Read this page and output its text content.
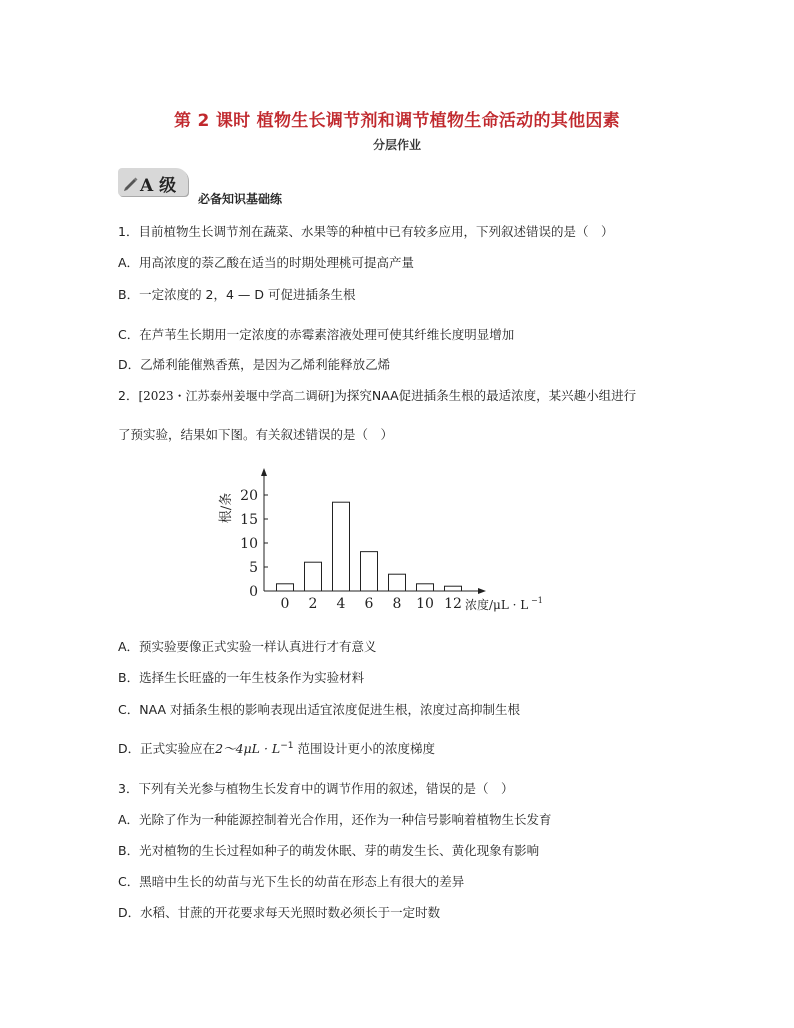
第 2 课时 植物生长调节剂和调节植物生命活动的其他因素
分层作业
A 级
必备知识基础练
1．目前植物生长调节剂在蔬菜、水果等的种植中已有较多应用，下列叙述错误的是（　）
A．用高浓度的萘乙酸在适当的时期处理桃可提高产量
B．一定浓度的 2，4 — D 可促进插条生根
C．在芦苇生长期用一定浓度的赤霉素溶液处理可使其纤维长度明显增加
D．乙烯利能催熟香蕉，是因为乙烯利能释放乙烯
2．[2023・江苏泰州姜堰中学高二调研]为探究NAA促进插条生根的最适浓度，某兴趣小组进行
了预实验，结果如下图。有关叙述错误的是（　）
0
5
10
15
20
根/条
0 2 4 6 8 10 12 浓度/μL · L −1
A．预实验要像正式实验一样认真进行才有意义
B．选择生长旺盛的一年生枝条作为实验材料
C．NAA 对插条生根的影响表现出适宜浓度促进生根，浓度过高抑制生根
D．正式实验应在2～4μL · $L^{-1}$ 范围设计更小的浓度梯度
3．下列有关光参与植物生长发育中的调节作用的叙述，错误的是（　）
A．光除了作为一种能源控制着光合作用，还作为一种信号影响着植物生长发育
B．光对植物的生长过程如种子的萌发休眠、芽的萌发生长、黄化现象有影响
C．黑暗中生长的幼苗与光下生长的幼苗在形态上有很大的差异
D．水稻、甘蔗的开花要求每天光照时数必须长于一定时数
